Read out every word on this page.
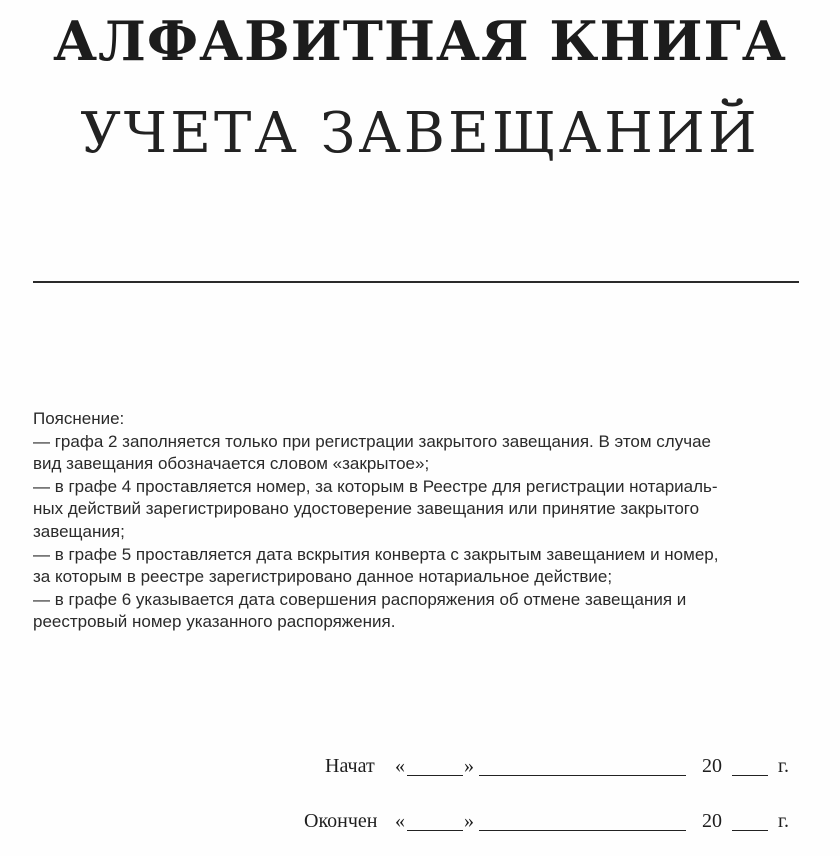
АЛФАВИТНАЯ КНИГА
УЧЕТА ЗАВЕЩАНИЙ
Пояснение:
— графа 2 заполняется только при регистрации закрытого завещания. В этом случае
вид завещания обозначается словом «закрытое»;
— в графе 4 проставляется номер, за которым в Реестре для регистрации нотариаль-
ных действий зарегистрировано удостоверение завещания или принятие закрытого
завещания;
— в графе 5 проставляется дата вскрытия конверта с закрытым завещанием и номер,
за которым в реестре зарегистрировано данное нотариальное действие;
— в графе 6 указывается дата совершения распоряжения об отмене завещания и
реестровый номер указанного распоряжения.
Начат «	»	20	г.
Окончен «	»	20	г.
